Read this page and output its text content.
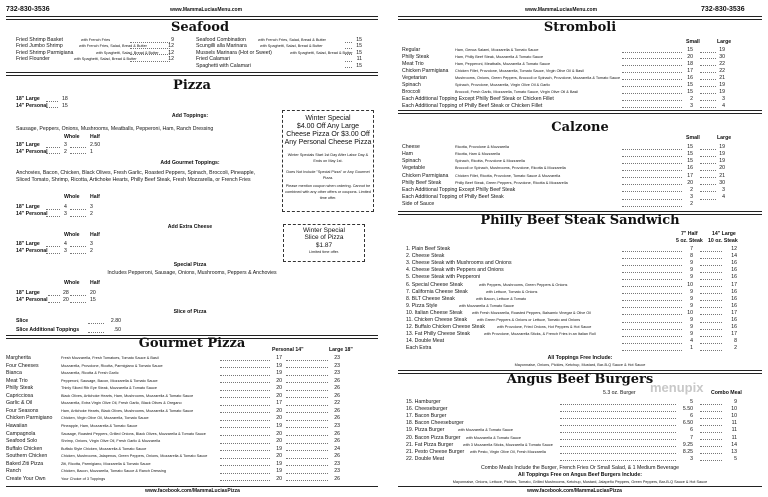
732-830-3536	www.MammaLuciasMenu.com	www.MammaLuciasMenu.com	732-830-3536
www.facebook.com/MammaLuciasPizza	www.facebook.com/MammaLuciasPizza
menupix
Seafood
Fried Shrimp Basket	with French Fries	9
Fried Jumbo Shrimp	with French Fries, Salad, Bread & Butter	12
Fried Shrimp Parmigiana	with Spaghetti, Salad, Bread & Butter 12
Fried Flounder	with Spaghetti, Salad, Bread & Butter	12
Seafood Combination	with French Fries, Salad, Bread & Butter	15
Scungilli alla Marinara	with Spaghetti, Salad, Bread & Butter	15
Mussels Marinara (Hot or Sweet)	with Spaghetti, Salad, Bread & Butter 15
Fried Calamari	11
Spaghetti with Calamari	15
Pizza
18" Large	18
14" Personal	15
Add Toppings:
Sausage, Peppers, Onions, Mushrooms, Meatballs, Pepperoni, Ham, Ranch Dressing
Whole Half
18" Large	3	2.50
14" Personal	2	1
Add Gourmet Toppings:
Anchovies, Bacon, Chicken, Black Olives, Fresh Garlic, Roasted Peppers, Spinach, Broccoli, Pineapple,
Sliced Tomato, Shrimp, Ricotta, Artichoke Hearts, Philly Beef Steak, Fresh Mozzarella, or French Fries
Whole Half
18" Large	4	3
14" Personal	3	2
Add Extra Cheese
Whole Half
18" Large	4	3
14" Personal	3	2
Special Pizza
Includes Pepperoni, Sausage, Onions, Mushrooms, Peppers & Anchovies
Whole Half
18" Large	28	20
14" Personal	20	15
Slice of Pizza
Slice	2.80
Slice Additional Toppings	.50
Winter Special
$4.00 Off Any Large
Cheese Pizza Or $3.00 Off
Any Personal Cheese Pizza
Winter Specials Start 1st Day After Labor Day & Ends on May 1st.
Does Not Include "Special Pizza" or Any Gourmet Pizza.
Please mention coupon when ordering. Cannot be combined with any other offers or coupons. Limited time offer.
Winter Special
Slice of Pizza
$1.87
Limited time offer.
Gourmet Pizza	Personal 14"	Large 18"
Margherita	Fresh Mozzarella, Fresh Tomatoes, Tomato Sauce & Basil	17	23
Four Cheeses	Mozzarella, Provolone, Ricotta, Parmigiano & Tomato Sauce	19	23
Bianca	Mozzarella, Ricotta & Fresh Garlic	19	23
Meat Trio	Pepperoni, Sausage, Bacon, Mozzarella & Tomato Sauce	20	26
Philly Steak	Thinly Sliced Rib Eye Steak, Mozzarella & Tomato Sauce	20	26
Capricciosa	Black Olives, Artichoke Hearts, Ham, Mushrooms, Mozzarella & Tomato Sauce	20	26
Garlic & Oil	Mozzarella, Extra Virgin Olive Oil, Fresh Garlic, Black Olives & Oregano	17	22
Four Seasons	Ham, Artichoke Hearts, Black Olives, Mushrooms, Mozzarella & Tomato Sauce	20	26
Chicken Parmigiano Chicken, Virgin Olive Oil, Mozzarella, Tomato Sauce	20	26
Hawaiian	Pineapple, Ham, Mozzarella & Tomato Sauce	19	23
Campagnola	Sausage, Roasted Peppers, Grilled Onions, Black Olives, Mozzarella & Tomato Sauce	20	26
Seafood Solo	Shrimp, Onions, Virgin Olive Oil, Fresh Garlic & Mozzarella	20	26
Buffalo Chicken	Buffalo Style Chicken, Mozzarella & Tomato Sauce	19	24
Southern Chicken	Chicken, Mushrooms, Jalapenos, Green Peppers, Onions, Mozzarella & Tomato Sauce	20	26
Baked Ziti Pizza	Ziti, Ricotta, Parmigiano, Mozzarella & Tomato Sauce	19	23
Ranch	Chicken, Bacon, Mozzarella, Tomato Sauce & Ranch Dressing	19	23
Create Your Own	Your Choice of 3 Toppings	20	26
Stromboli
Small	Large
Regular	Ham, Genoa Salami, Mozzarella & Tomato Sauce	15	19
Philly Steak	Ham, Philly Beef Steak, Mozzarella & Tomato Sauce	20	30
Meat Trio	Ham, Pepperoni, Meatballs, Mozzarella & Tomato Sauce	18	22
Chicken Parmigiana Chicken Fillet, Provolone, Mozzarella, Tomato Sauce, Virgin Olive Oil & Basil	17	22
Vegetarian	Mushrooms, Onions, Green Peppers, Broccoli or Spinach, Provolone, Mozzarella & Tomato Sauce	16	21
Spinach	Spinach, Provolone, Mozzarella, Virgin Olive Oil & Garlic	15	19
Broccoli	Broccoli, Fresh Garlic, Mozzarella, Tomato Sauce, Virgin Olive Oil & Basil	15	19
Each Additional Topping Except Philly Beef Steak or Chicken Fillet	2	3
Each Additional Topping of Philly Beef Steak or Chicken Fillet	3	4
Calzone
Small	Large
Cheese	Ricotta, Provolone & Mozzarella	15	19
Ham	Ricotta, Ham & Mozzarella	15	19
Spinach	Spinach, Ricotta, Provolone & Mozzarella	15	19
Vegetable	Broccoli or Spinach, Mushrooms, Provolone, Ricotta & Mozzarella	16	20
Chicken Parmigiana Chicken Fillet, Ricotta, Provolone, Tomato Sauce & Mozzarella	17	21
Philly Beef Steak	Philly Beef Steak, Green Peppers, Provolone, Ricotta & Mozzarella	20	30
Each Additional Topping Except Philly Beef Steak	2	3
Each Additional Topping of Philly Beef Steak	3	4
Side of Sauce	2
Philly Beef Steak Sandwich
7" Half	14" Large
5 oz. Steak 10 oz. Steak
1. Plain Beef Steak	7	12
2. Cheese Steak	8	14
3. Cheese Steak with Mushrooms and Onions	9	16
4. Cheese Steak with Peppers and Onions	9	16
5. Cheese Steak with Pepperoni	9	16
6. Special Cheese Steak	with Peppers, Mushrooms, Green Peppers & Onions	10	17
7. California Cheese Steak	with Lettuce, Tomato & Onions	9	16
8. BLT Cheese Steak	with Bacon, Lettuce & Tomato	9	16
9. Pizza Style	with Mozzarella & Tomato Sauce	9	16
10. Italian Cheese Steak with Fresh Mozzarella, Roasted Peppers, Balsamic Vinegar & Olive Oil	10	17
11. Chicken Cheese Steak	with Green Peppers & Onions or Lettuce, Tomato and Onions	9	16
12. Buffalo Chicken Cheese Steak	with Provolone, Fried Onions, Hot Peppers & Hot Sauce	9	16
13. Fat Philly Cheese Steak	with Provolone, Mozzarella Sticks, & French Fries in an Italian Roll	9	17
14. Double Meat	4	8
Each Extra	1	2
All Toppings Free Include:
Mayonnaise, Onions, Pickles, Ketchup, Mustard, Bar-B-Q Sauce & Hot Sauce
Angus Beef Burgers
5.3 oz. Burger	Combo Meal
15. Hamburger	5	9
16. Cheeseburger	5.50	10
17. Bacon Burger	6	10
18. Bacon Cheeseburger	6.50	11
19. Pizza Burger	with Mozzarella & Tomato Sauce	6	11
20. Bacon Pizza Burger with Mozzarella & Tomato Sauce	7	11
21. Fat Pizza Burger	with 3 Mozzarella Sticks, Mozzarella & Tomato Sauce	9.25	14
21. Pesto Cheese Burger with Pesto, Virgin Olive Oil, Fresh Mozzarella	8.25	13
22. Double Meat	3	5
Combo Meals Include the Burger, French Fries Or Small Salad, & 1 Medium Beverage
All Toppings Free on Angus Beef Burgers Include:
Mayonnaise, Onions, Lettuce, Pickles, Tomato, Grilled Mushrooms, Ketchup, Mustard, Jalapeño Peppers, Green Peppers, Bar-B-Q Sauce & Hot Sauce
